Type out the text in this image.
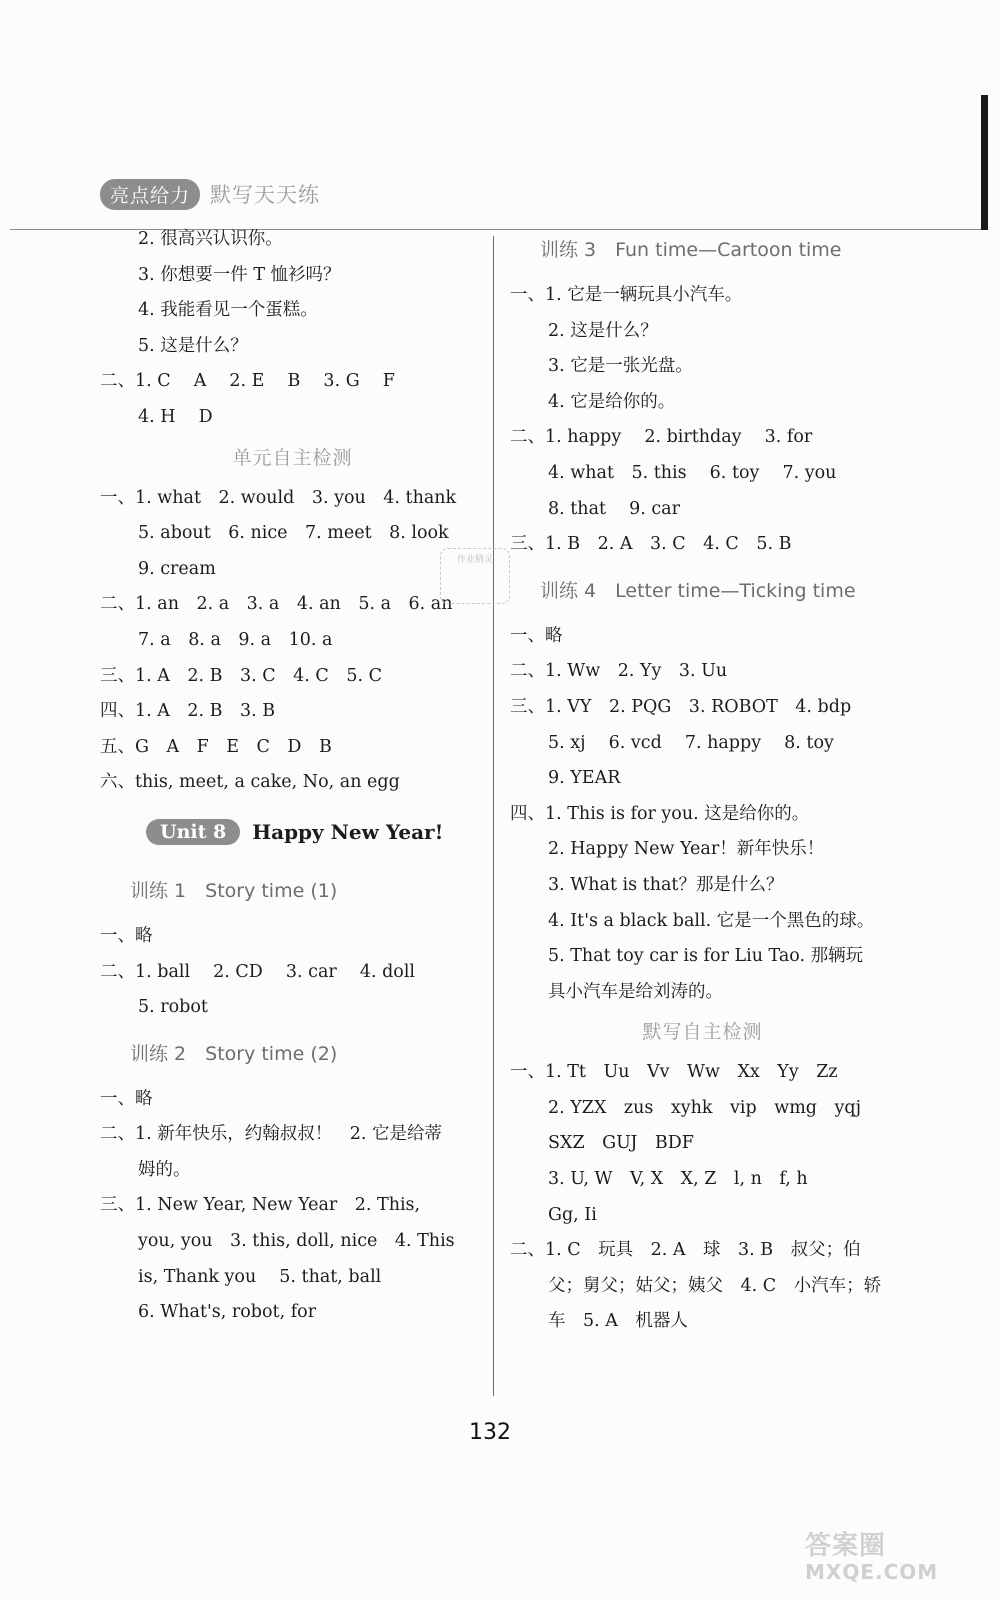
亮点给力 默写天天练
2. 很高兴认识你。
3. 你想要一件 T 恤衫吗？
4. 我能看见一个蛋糕。
5. 这是什么？
二、1. C　 A　 2. E　 B　 3. G　 F
4. H　 D
单元自主检测
一、1. what　2. would　3. you　4. thank
5. about　6. nice　7. meet　8. look
9. cream
二、1. an　2. a　3. a　4. an　5. a　6. an
7. a　8. a　9. a　10. a
三、1. A　2. B　3. C　4. C　5. C
四、1. A　2. B　3. B
五、G　A　F　E　C　D　B
六、this, meet, a cake, No, an egg
Unit 8	Happy New Year!
训练 1　Story time (1)
一、略
二、1. ball　 2. CD　 3. car　 4. doll
5. robot
训练 2　Story time (2)
一、略
二、1. 新年快乐，约翰叔叔！　2. 它是给蒂
姆的。
三、1. New Year, New Year　2. This,
you, you　3. this, doll, nice　4. This
is, Thank you　 5. that, ball
6. What's, robot, for
训练 3　Fun time—Cartoon time
一、1. 它是一辆玩具小汽车。
2. 这是什么？
3. 它是一张光盘。
4. 它是给你的。
二、1. happy　 2. birthday　 3. for
4. what　5. this　 6. toy　 7. you
8. that　 9. car
三、1. B　2. A　3. C　4. C　5. B
训练 4　Letter time—Ticking time
一、略
二、1. Ww　2. Yy　3. Uu
三、1. VY　2. PQG　3. ROBOT　4. bdp
5. xj　 6. vcd　 7. happy　 8. toy
9. YEAR
四、1. This is for you. 这是给你的。
2. Happy New Year！新年快乐！
3. What is that？那是什么？
4. It's a black ball. 它是一个黑色的球。
5. That toy car is for Liu Tao. 那辆玩
具小汽车是给刘涛的。
默写自主检测
一、1. Tt　Uu　Vv　Ww　Xx　Yy　Zz
2. YZX　zus　xyhk　vip　wmg　yqj
SXZ　GUJ　BDF
3. U, W　V, X　X, Z　l, n　f, h
Gg, Ii
二、1. C　玩具　2. A　球　3. B　叔父；伯
父；舅父；姑父；姨父　4. C　小汽车；轿
车　5. A　机器人
作业精灵
132
答案圈
MXQE.COM
